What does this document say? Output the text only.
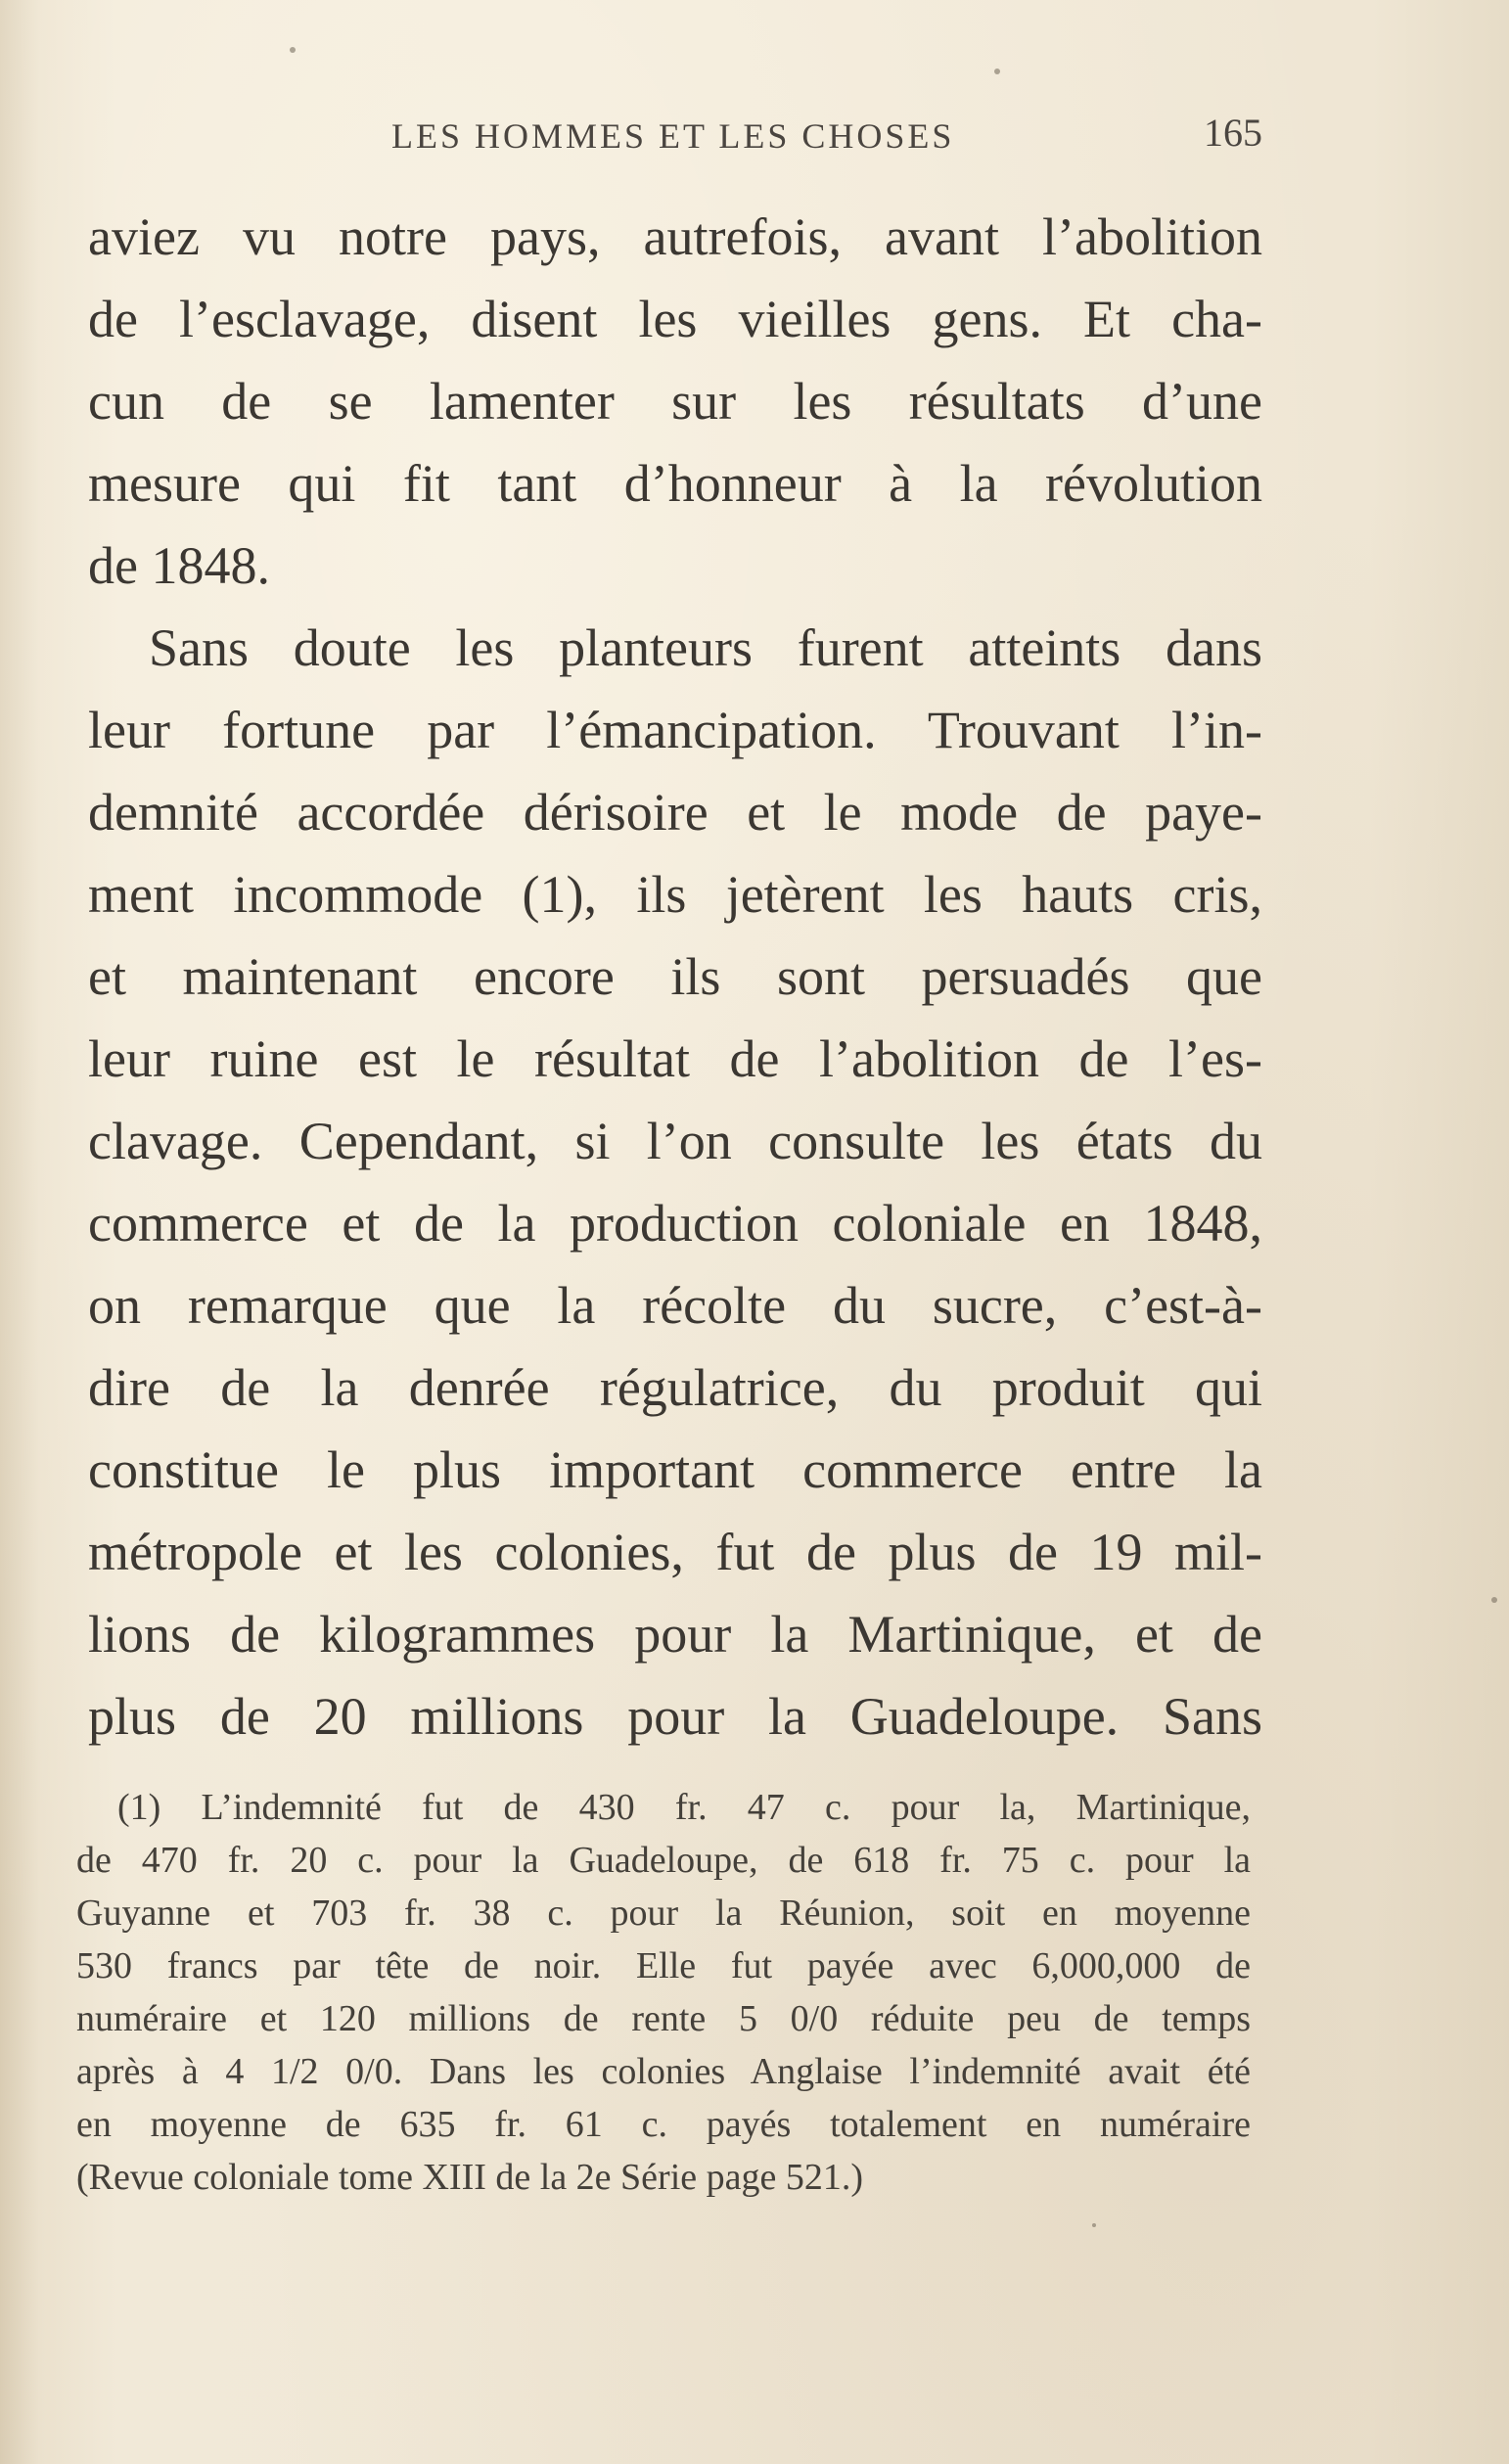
LES HOMMES ET LES CHOSES	165
aviez vu notre pays, autrefois, avant l’abolition
de l’esclavage, disent les vieilles gens. Et cha-
cun de se lamenter sur les résultats d’une
mesure qui fit tant d’honneur à la révolution
de 1848.
Sans doute les planteurs furent atteints dans
leur fortune par l’émancipation. Trouvant l’in-
demnité accordée dérisoire et le mode de paye-
ment incommode (1), ils jetèrent les hauts cris,
et maintenant encore ils sont persuadés que
leur ruine est le résultat de l’abolition de l’es-
clavage. Cependant, si l’on consulte les états du
commerce et de la production coloniale en 1848,
on remarque que la récolte du sucre, c’est-à-
dire de la denrée régulatrice, du produit qui
constitue le plus important commerce entre la
métropole et les colonies, fut de plus de 19 mil-
lions de kilogrammes pour la Martinique, et de
plus de 20 millions pour la Guadeloupe. Sans
(1) L’indemnité fut de 430 fr. 47 c. pour la, Martinique,
de 470 fr. 20 c. pour la Guadeloupe, de 618 fr. 75 c. pour la
Guyanne et 703 fr. 38 c. pour la Réunion, soit en moyenne
530 francs par tête de noir. Elle fut payée avec 6,000,000 de
numéraire et 120 millions de rente 5 0/0 réduite peu de temps
après à 4 1/2 0/0. Dans les colonies Anglaise l’indemnité avait été
en moyenne de 635 fr. 61 c. payés totalement en numéraire
(Revue coloniale tome XIII de la 2e Série page 521.)
